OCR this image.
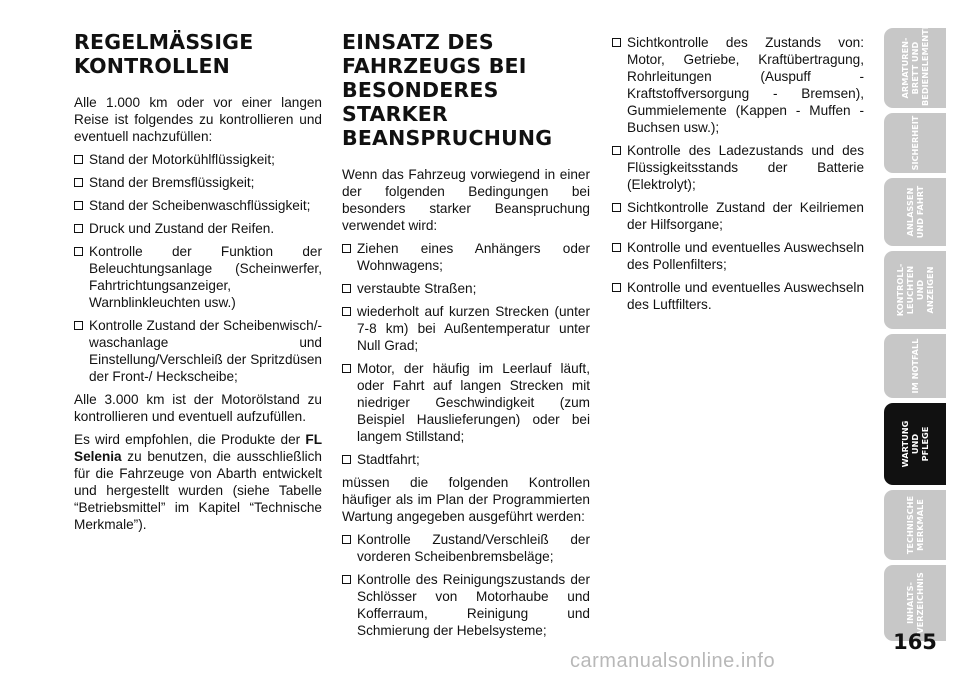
REGELMÄSSIGE
KONTROLLEN

Alle 1.000 km oder vor einer langen Reise ist folgendes zu kontrollieren und eventuell nachzufüllen:

Stand der Motorkühlflüssigkeit;
Stand der Bremsflüssigkeit;
Stand der Scheibenwaschflüssigkeit;
Druck und Zustand der Reifen.
Kontrolle der Funktion der Beleuchtungsanlage (Scheinwerfer, Fahrtrichtungsanzeiger, Warnblinkleuchten usw.)
Kontrolle Zustand der Scheibenwisch/-waschanlage und Einstellung/Verschleiß der Spritzdüsen der Front-/ Heckscheibe;

Alle 3.000 km ist der Motorölstand zu kontrollieren und eventuell aufzufüllen.

Es wird empfohlen, die Produkte der FL Selenia zu benutzen, die ausschließlich für die Fahrzeuge von Abarth entwickelt und hergestellt wurden (siehe Tabelle “Betriebsmittel” im Kapitel “Technische Merkmale”).

EINSATZ DES
FAHRZEUGS BEI
BESONDERES STARKER
BEANSPRUCHUNG

Wenn das Fahrzeug vorwiegend in einer der folgenden Bedingungen bei besonders starker Beanspruchung verwendet wird:

Ziehen eines Anhängers oder Wohnwagens;
verstaubte Straßen;
wiederholt auf kurzen Strecken (unter 7-8 km) bei Außentemperatur unter Null Grad;
Motor, der häufig im Leerlauf läuft, oder Fahrt auf langen Strecken mit niedriger Geschwindigkeit (zum Beispiel Hauslieferungen) oder bei langem Stillstand;
Stadtfahrt;

müssen die folgenden Kontrollen häufiger als im Plan der Programmierten Wartung angegeben ausgeführt werden:

Kontrolle Zustand/Verschleiß der vorderen Scheibenbremsbeläge;
Kontrolle des Reinigungszustands der Schlösser von Motorhaube und Kofferraum, Reinigung und Schmierung der Hebelsysteme;
Sichtkontrolle des Zustands von: Motor, Getriebe, Kraftübertragung, Rohrleitungen (Auspuff - Kraftstoffversorgung - Bremsen), Gummielemente (Kappen - Muffen - Buchsen usw.);
Kontrolle des Ladezustands und des Flüssigkeitsstands der Batterie (Elektrolyt);
Sichtkontrolle Zustand der Keilriemen der Hilfsorgane;
Kontrolle und eventuelles Auswechseln des Pollenfilters;
Kontrolle und eventuelles Auswechseln des Luftfilters.
ARMATUREN-
BRETT UND
BEDIENELEMENTE
SICHERHEIT
ANLASSEN
UND FAHRT
KONTROLL-
LEUCHTEN UND
ANZEIGEN
IM NOTFALL
WARTUNG UND
PFLEGE
TECHNISCHE
MERKMALE
INHALTS-
VERZEICHNIS
165
carmanualsonline.info
